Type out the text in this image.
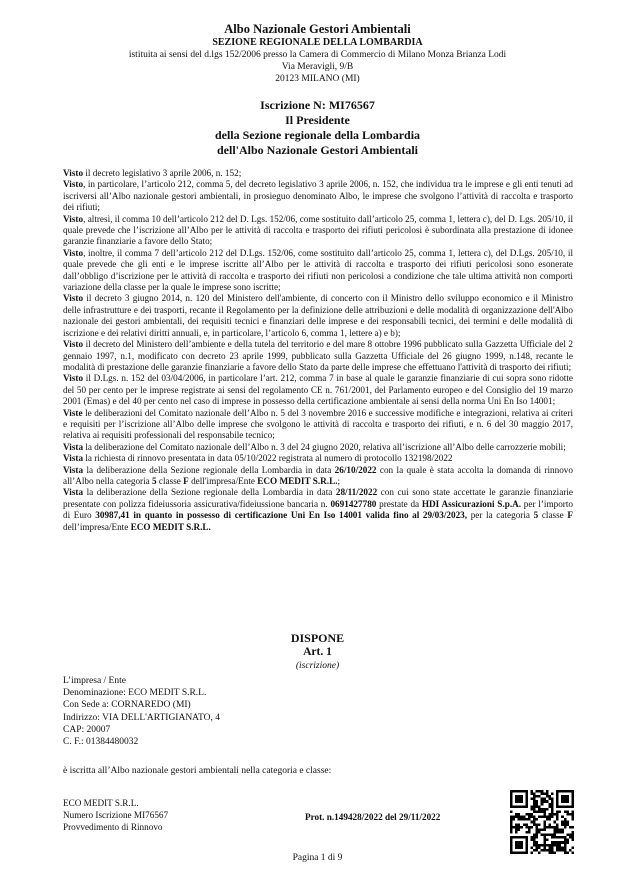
Albo Nazionale Gestori Ambientali
SEZIONE REGIONALE DELLA LOMBARDIA
istituita ai sensi del d.lgs 152/2006 presso la Camera di Commercio di Milano Monza Brianza Lodi
Via Meravigli, 9/B
20123 MILANO (MI)
Iscrizione N: MI76567
Il Presidente
della Sezione regionale della Lombardia
dell'Albo Nazionale Gestori Ambientali

Visto il decreto legislativo 3 aprile 2006, n. 152;

Visto, in particolare, l’articolo 212, comma 5, del decreto legislativo 3 aprile 2006, n. 152, che individua tra le imprese e gli enti tenuti ad iscriversi all’Albo nazionale gestori ambientali, in prosieguo denominato Albo, le imprese che svolgono l’attività di raccolta e trasporto dei rifiuti;

Visto, altresì, il comma 10 dell’articolo 212 del D. Lgs. 152/06, come sostituito dall’articolo 25, comma 1, lettera c), del D. Lgs. 205/10, il quale prevede che l’iscrizione all’Albo per le attività di raccolta e trasporto dei rifiuti pericolosi è subordinata alla prestazione di idonee garanzie finanziarie a favore dello Stato;

Visto, inoltre, il comma 7 dell’articolo 212 del D.Lgs. 152/06, come sostituito dall’articolo 25, comma 1, lettera c), del D.Lgs. 205/10, il quale prevede che gli enti e le imprese iscritte all’Albo per le attività di raccolta e trasporto dei rifiuti pericolosi sono esonerate dall’obbligo d’iscrizione per le attività di raccolta e trasporto dei rifiuti non pericolosi a condizione che tale ultima attività non comporti variazione della classe per la quale le imprese sono iscritte;

Visto il decreto 3 giugno 2014, n. 120 del Ministero dell'ambiente, di concerto con il Ministro dello sviluppo economico e il Ministro delle infrastrutture e dei trasporti, recante il Regolamento per la definizione delle attribuzioni e delle modalità di organizzazione dell'Albo nazionale dei gestori ambientali, dei requisiti tecnici e finanziari delle imprese e dei responsabili tecnici, dei termini e delle modalità di iscrizione e dei relativi diritti annuali, e, in particolare, l’articolo 6, comma 1, lettere a) e b);

Visto il decreto del Ministero dell’ambiente e della tutela del territorio e del mare 8 ottobre 1996 pubblicato sulla Gazzetta Ufficiale del 2 gennaio 1997, n.1, modificato con decreto 23 aprile 1999, pubblicato sulla Gazzetta Ufficiale del 26 giugno 1999, n.148, recante le modalità di prestazione delle garanzie finanziarie a favore dello Stato da parte delle imprese che effettuano l'attività di trasporto dei rifiuti;

Visto il D.Lgs. n. 152 del 03/04/2006, in particolare l’art. 212, comma 7 in base al quale le garanzie finanziarie di cui sopra sono ridotte del 50 per cento per le imprese registrate ai sensi del regolamento CE n. 761/2001, del Parlamento europeo e del Consiglio del 19 marzo 2001 (Emas) e del 40 per cento nel caso di imprese in possesso della certificazione ambientale ai sensi della norma Uni En Iso 14001;

Viste le deliberazioni del Comitato nazionale dell’Albo n. 5 del 3 novembre 2016 e successive modifiche e integrazioni, relativa ai criteri e requisiti per l’iscrizione all’Albo delle imprese che svolgono le attività di raccolta e trasporto dei rifiuti, e n. 6 del 30 maggio 2017, relativa ai requisiti professionali del responsabile tecnico;

Vista la deliberazione del Comitato nazionale dell’Albo n. 3 del 24 giugno 2020, relativa all’iscrizione all’Albo delle carrozzerie mobili;

Vista la richiesta di rinnovo presentata in data 05/10/2022 registrata al numero di protocollo 132198/2022

Vista la deliberazione della Sezione regionale della Lombardia in data 26/10/2022 con la quale è stata accolta la domanda di rinnovo all’Albo nella categoria 5 classe F dell'impresa/Ente ECO MEDIT S.R.L.;

Vista la deliberazione della Sezione regionale della Lombardia in data 28/11/2022 con cui sono state accettate le garanzie finanziarie presentate con polizza fideiussoria assicurativa/fideiussione bancaria n. 0691427780 prestate da HDI Assicurazioni S.p.A. per l’importo di Euro 30987,41 in quanto in possesso di certificazione Uni En Iso 14001 valida fino al 29/03/2023, per la categoria 5 classe F dell’impresa/Ente ECO MEDIT S.R.L.

DISPONE
Art. 1
(iscrizione)
L’impresa / Ente
Denominazione: ECO MEDIT S.R.L.
Con Sede a: CORNAREDO (MI)
Indirizzo: VIA DELL'ARTIGIANATO, 4
CAP: 20007
C. F.: 01384480032
è iscritta all’Albo nazionale gestori ambientali nella categoria e classe:
ECO MEDIT S.R.L.
Numero Iscrizione MI76567
Provvedimento di Rinnovo
Prot. n.149428/2022 del 29/11/2022
Pagina 1 di 9
